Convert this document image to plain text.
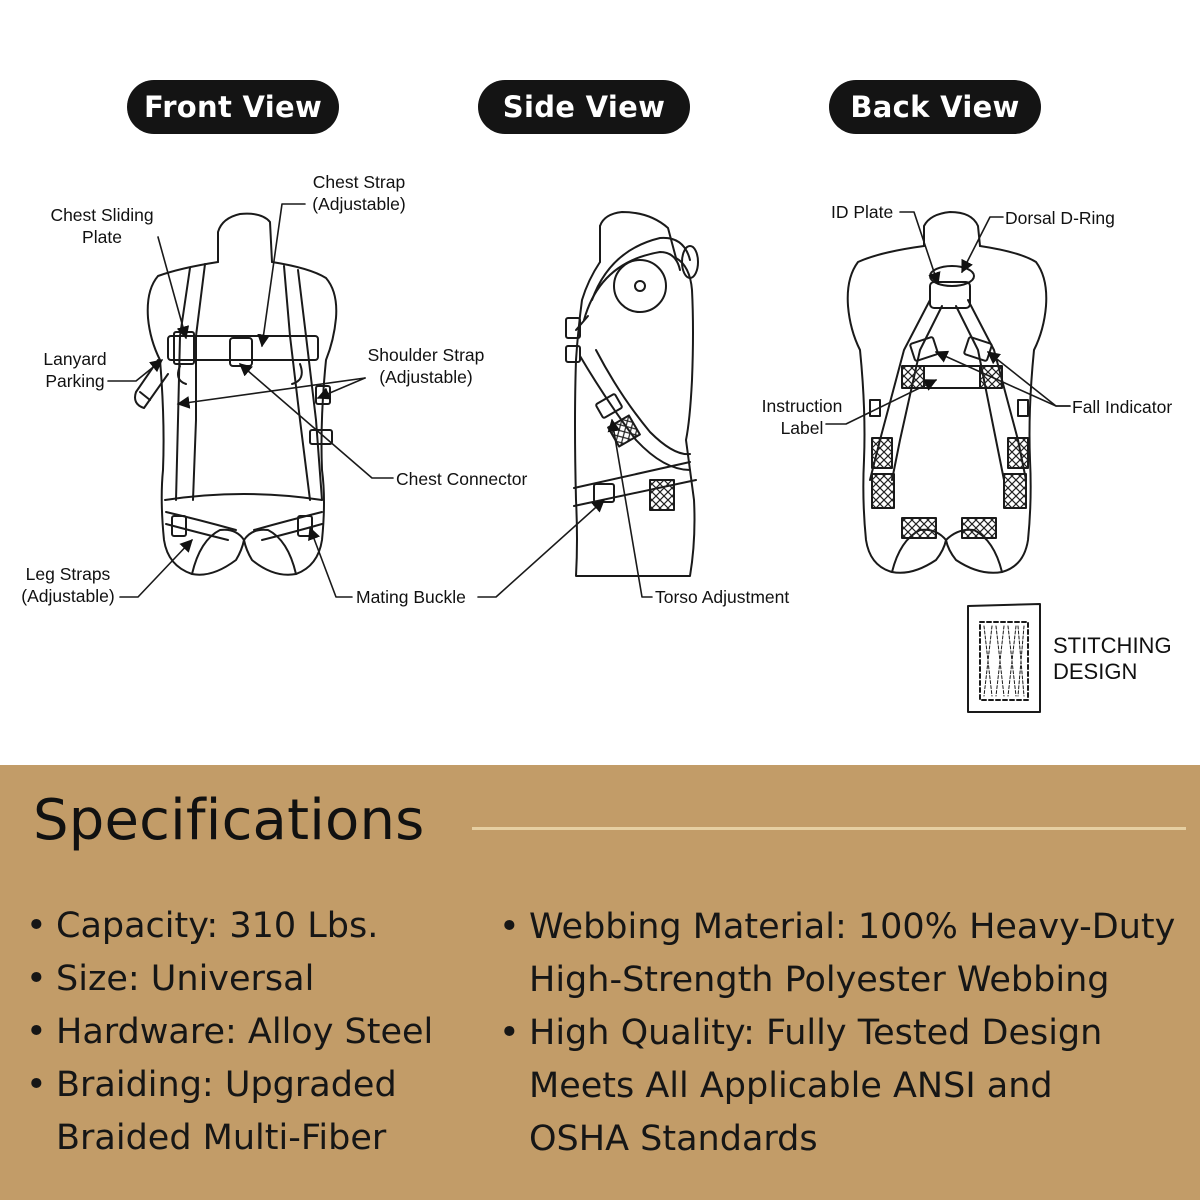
Front View	Side View	Back View
Chest Sliding
Plate
Chest Strap
(Adjustable)
Lanyard
Parking
Shoulder Strap
(Adjustable)
Chest Connector
Leg Straps
(Adjustable)	Mating Buckle	Torso Adjustment
ID Plate	Dorsal D-Ring
Instruction
Label
Fall Indicator
STITCHING
DESIGN
Specifications
• Capacity: 310 Lbs.
• Size: Universal
• Hardware: Alloy Steel
• Braiding: Upgraded
Braided Multi-Fiber
• Webbing Material: 100% Heavy-Duty
High-Strength Polyester Webbing
• High Quality: Fully Tested Design
Meets All Applicable ANSI and
OSHA Standards
